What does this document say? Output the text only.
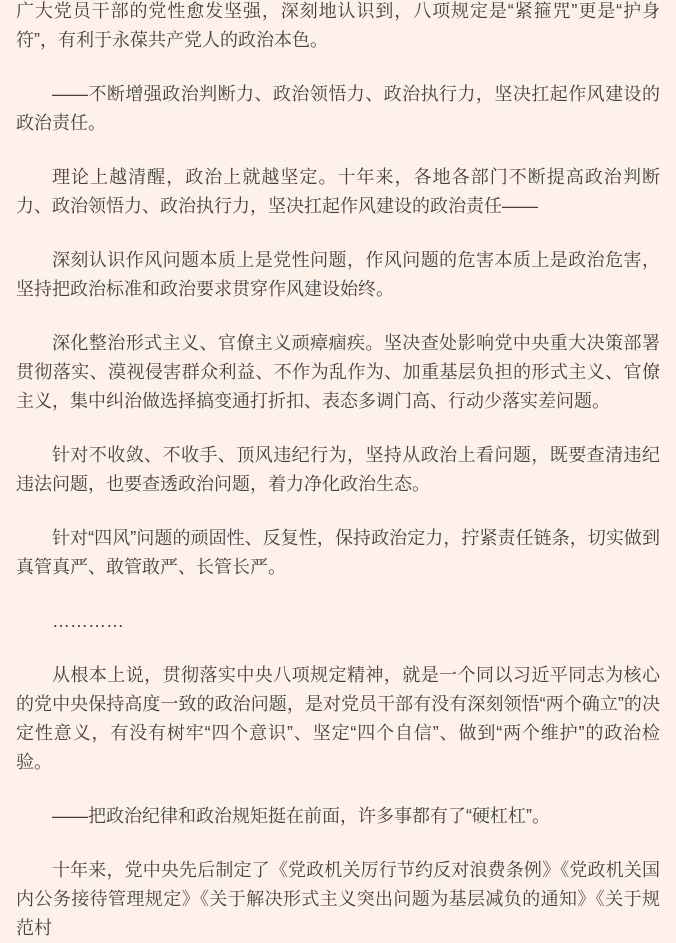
广大党员干部的党性愈发坚强，深刻地认识到，八项规定是“紧箍咒”更是“护身符”，有利于永葆共产党人的政治本色。

——不断增强政治判断力、政治领悟力、政治执行力，坚决扛起作风建设的政治责任。

理论上越清醒，政治上就越坚定。十年来，各地各部门不断提高政治判断力、政治领悟力、政治执行力，坚决扛起作风建设的政治责任——

深刻认识作风问题本质上是党性问题，作风问题的危害本质上是政治危害，坚持把政治标准和政治要求贯穿作风建设始终。

深化整治形式主义、官僚主义顽瘴痼疾。坚决查处影响党中央重大决策部署贯彻落实、漠视侵害群众利益、不作为乱作为、加重基层负担的形式主义、官僚主义，集中纠治做选择搞变通打折扣、表态多调门高、行动少落实差问题。

针对不收敛、不收手、顶风违纪行为，坚持从政治上看问题，既要查清违纪违法问题，也要查透政治问题，着力净化政治生态。

针对“四风”问题的顽固性、反复性，保持政治定力，拧紧责任链条，切实做到真管真严、敢管敢严、长管长严。

…………

从根本上说，贯彻落实中央八项规定精神，就是一个同以习近平同志为核心的党中央保持高度一致的政治问题，是对党员干部有没有深刻领悟“两个确立”的决定性意义，有没有树牢“四个意识”、坚定“四个自信”、做到“两个维护”的政治检验。

——把政治纪律和政治规矩挺在前面，许多事都有了“硬杠杠”。

十年来，党中央先后制定了《党政机关厉行节约反对浪费条例》《党政机关国内公务接待管理规定》《关于解决形式主义突出问题为基层减负的通知》《关于规范村
